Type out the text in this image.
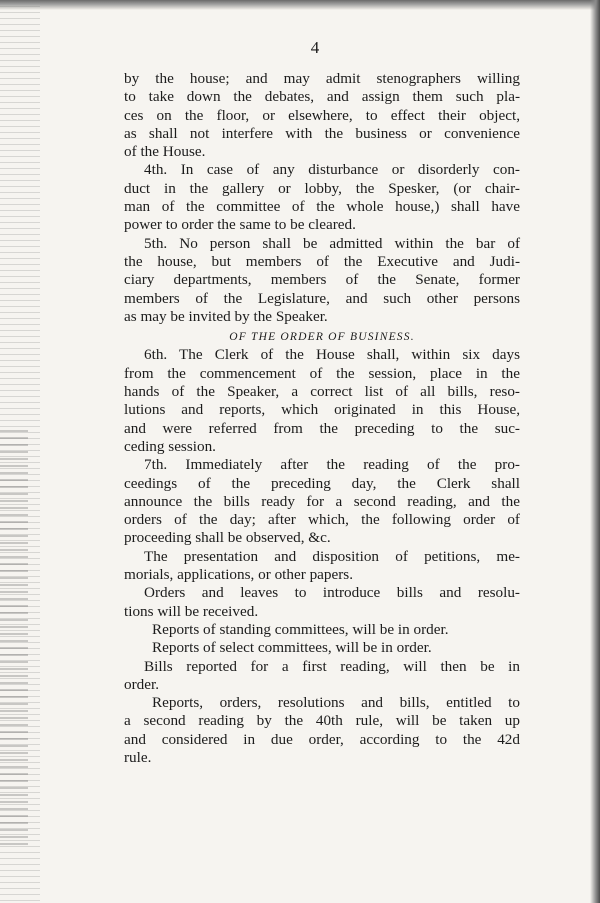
4
by the house; and may admit stenographers willing
to take down the debates, and assign them such pla-
ces on the floor, or elsewhere, to effect their object,
as shall not interfere with the business or convenience
of the House.
4th. In case of any disturbance or disorderly con-
duct in the gallery or lobby, the Spesker, (or chair-
man of the committee of the whole house,) shall have
power to order the same to be cleared.
5th. No person shall be admitted within the bar of
the house, but members of the Executive and Judi-
ciary departments, members of the Senate, former
members of the Legislature, and such other persons
as may be invited by the Speaker.
OF THE ORDER OF BUSINESS.
6th. The Clerk of the House shall, within six days
from the commencement of the session, place in the
hands of the Speaker, a correct list of all bills, reso-
lutions and reports, which originated in this House,
and were referred from the preceding to the suc-
ceding session.
7th. Immediately after the reading of the pro-
ceedings of the preceding day, the Clerk shall
announce the bills ready for a second reading, and the
orders of the day; after which, the following order of
proceeding shall be observed, &c.
The presentation and disposition of petitions, me-
morials, applications, or other papers.
Orders and leaves to introduce bills and resolu-
tions will be received.
Reports of standing committees, will be in order.
Reports of select committees, will be in order.
Bills reported for a first reading, will then be in
order.
Reports, orders, resolutions and bills, entitled to
a second reading by the 40th rule, will be taken up
and considered in due order, according to the 42d
rule.
